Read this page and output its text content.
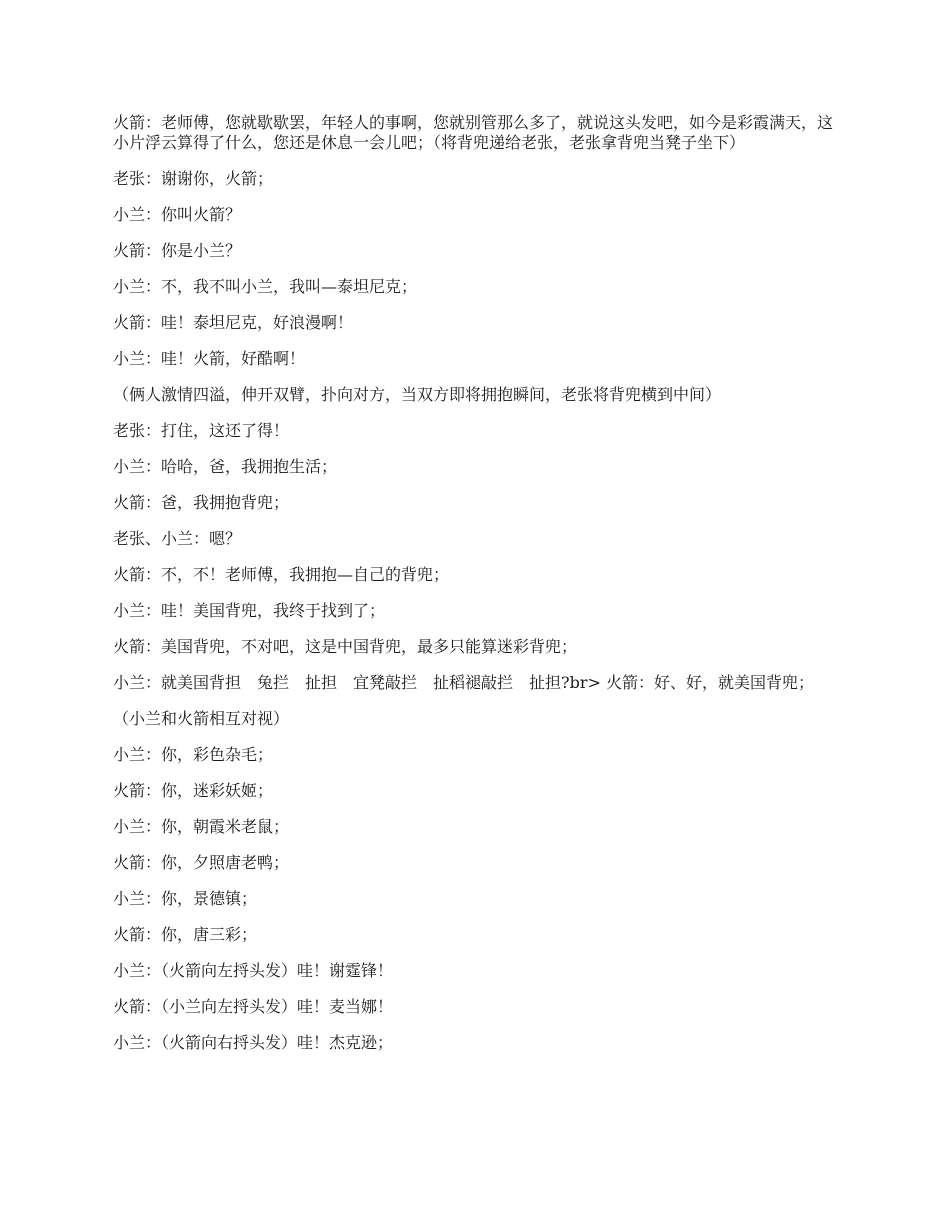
火箭：老师傅，您就歇歇罢，年轻人的事啊，您就别管那么多了，就说这头发吧，如今是彩霞满天，这小片浮云算得了什么，您还是休息一会儿吧；（将背兜递给老张，老张拿背兜当凳子坐下）

老张：谢谢你，火箭；

小兰：你叫火箭？

火箭：你是小兰？

小兰：不，我不叫小兰，我叫—泰坦尼克；

火箭：哇！泰坦尼克，好浪漫啊！

小兰：哇！火箭，好酷啊！

（俩人激情四溢，伸开双臂，扑向对方，当双方即将拥抱瞬间，老张将背兜横到中间）

老张：打住，这还了得！

小兰：哈哈，爸，我拥抱生活；

火箭：爸，我拥抱背兜；

老张、小兰：嗯？

火箭：不，不！老师傅，我拥抱—自己的背兜；

小兰：哇！美国背兜，我终于找到了；

火箭：美国背兜，不对吧，这是中国背兜，最多只能算迷彩背兜；

小兰：就美国背担　兔拦　扯担　宜凳敲拦　扯稻褪敲拦　扯担?br> 火箭：好、好，就美国背兜；

（小兰和火箭相互对视）

小兰：你，彩色杂毛；

火箭：你，迷彩妖姬；

小兰：你，朝霞米老鼠；

火箭：你，夕照唐老鸭；

小兰：你，景德镇；

火箭：你，唐三彩；

小兰：（火箭向左捋头发）哇！谢霆锋！

火箭：（小兰向左捋头发）哇！麦当娜！

小兰：（火箭向右捋头发）哇！杰克逊；
